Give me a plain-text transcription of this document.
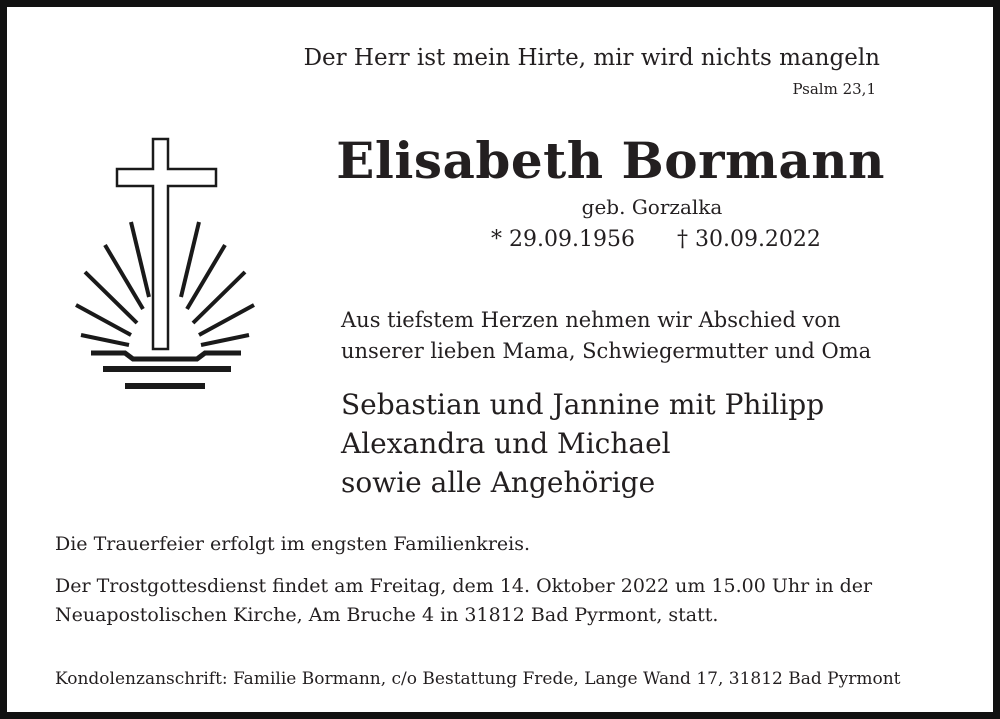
Der Herr ist mein Hirte, mir wird nichts mangeln
Psalm 23,1
Elisabeth Bormann
geb. Gorzalka
* 29.09.1956 † 30.09.2022
Aus tiefstem Herzen nehmen wir Abschied von
unserer lieben Mama, Schwiegermutter und Oma
Sebastian und Jannine mit Philipp
Alexandra und Michael
sowie alle Angehörige
Die Trauerfeier erfolgt im engsten Familienkreis.
Der Trostgottesdienst findet am Freitag, dem 14. Oktober 2022 um 15.00 Uhr in der
Neuapostolischen Kirche, Am Bruche 4 in 31812 Bad Pyrmont, statt.
Kondolenzanschrift: Familie Bormann, c/o Bestattung Frede, Lange Wand 17, 31812 Bad Pyrmont
